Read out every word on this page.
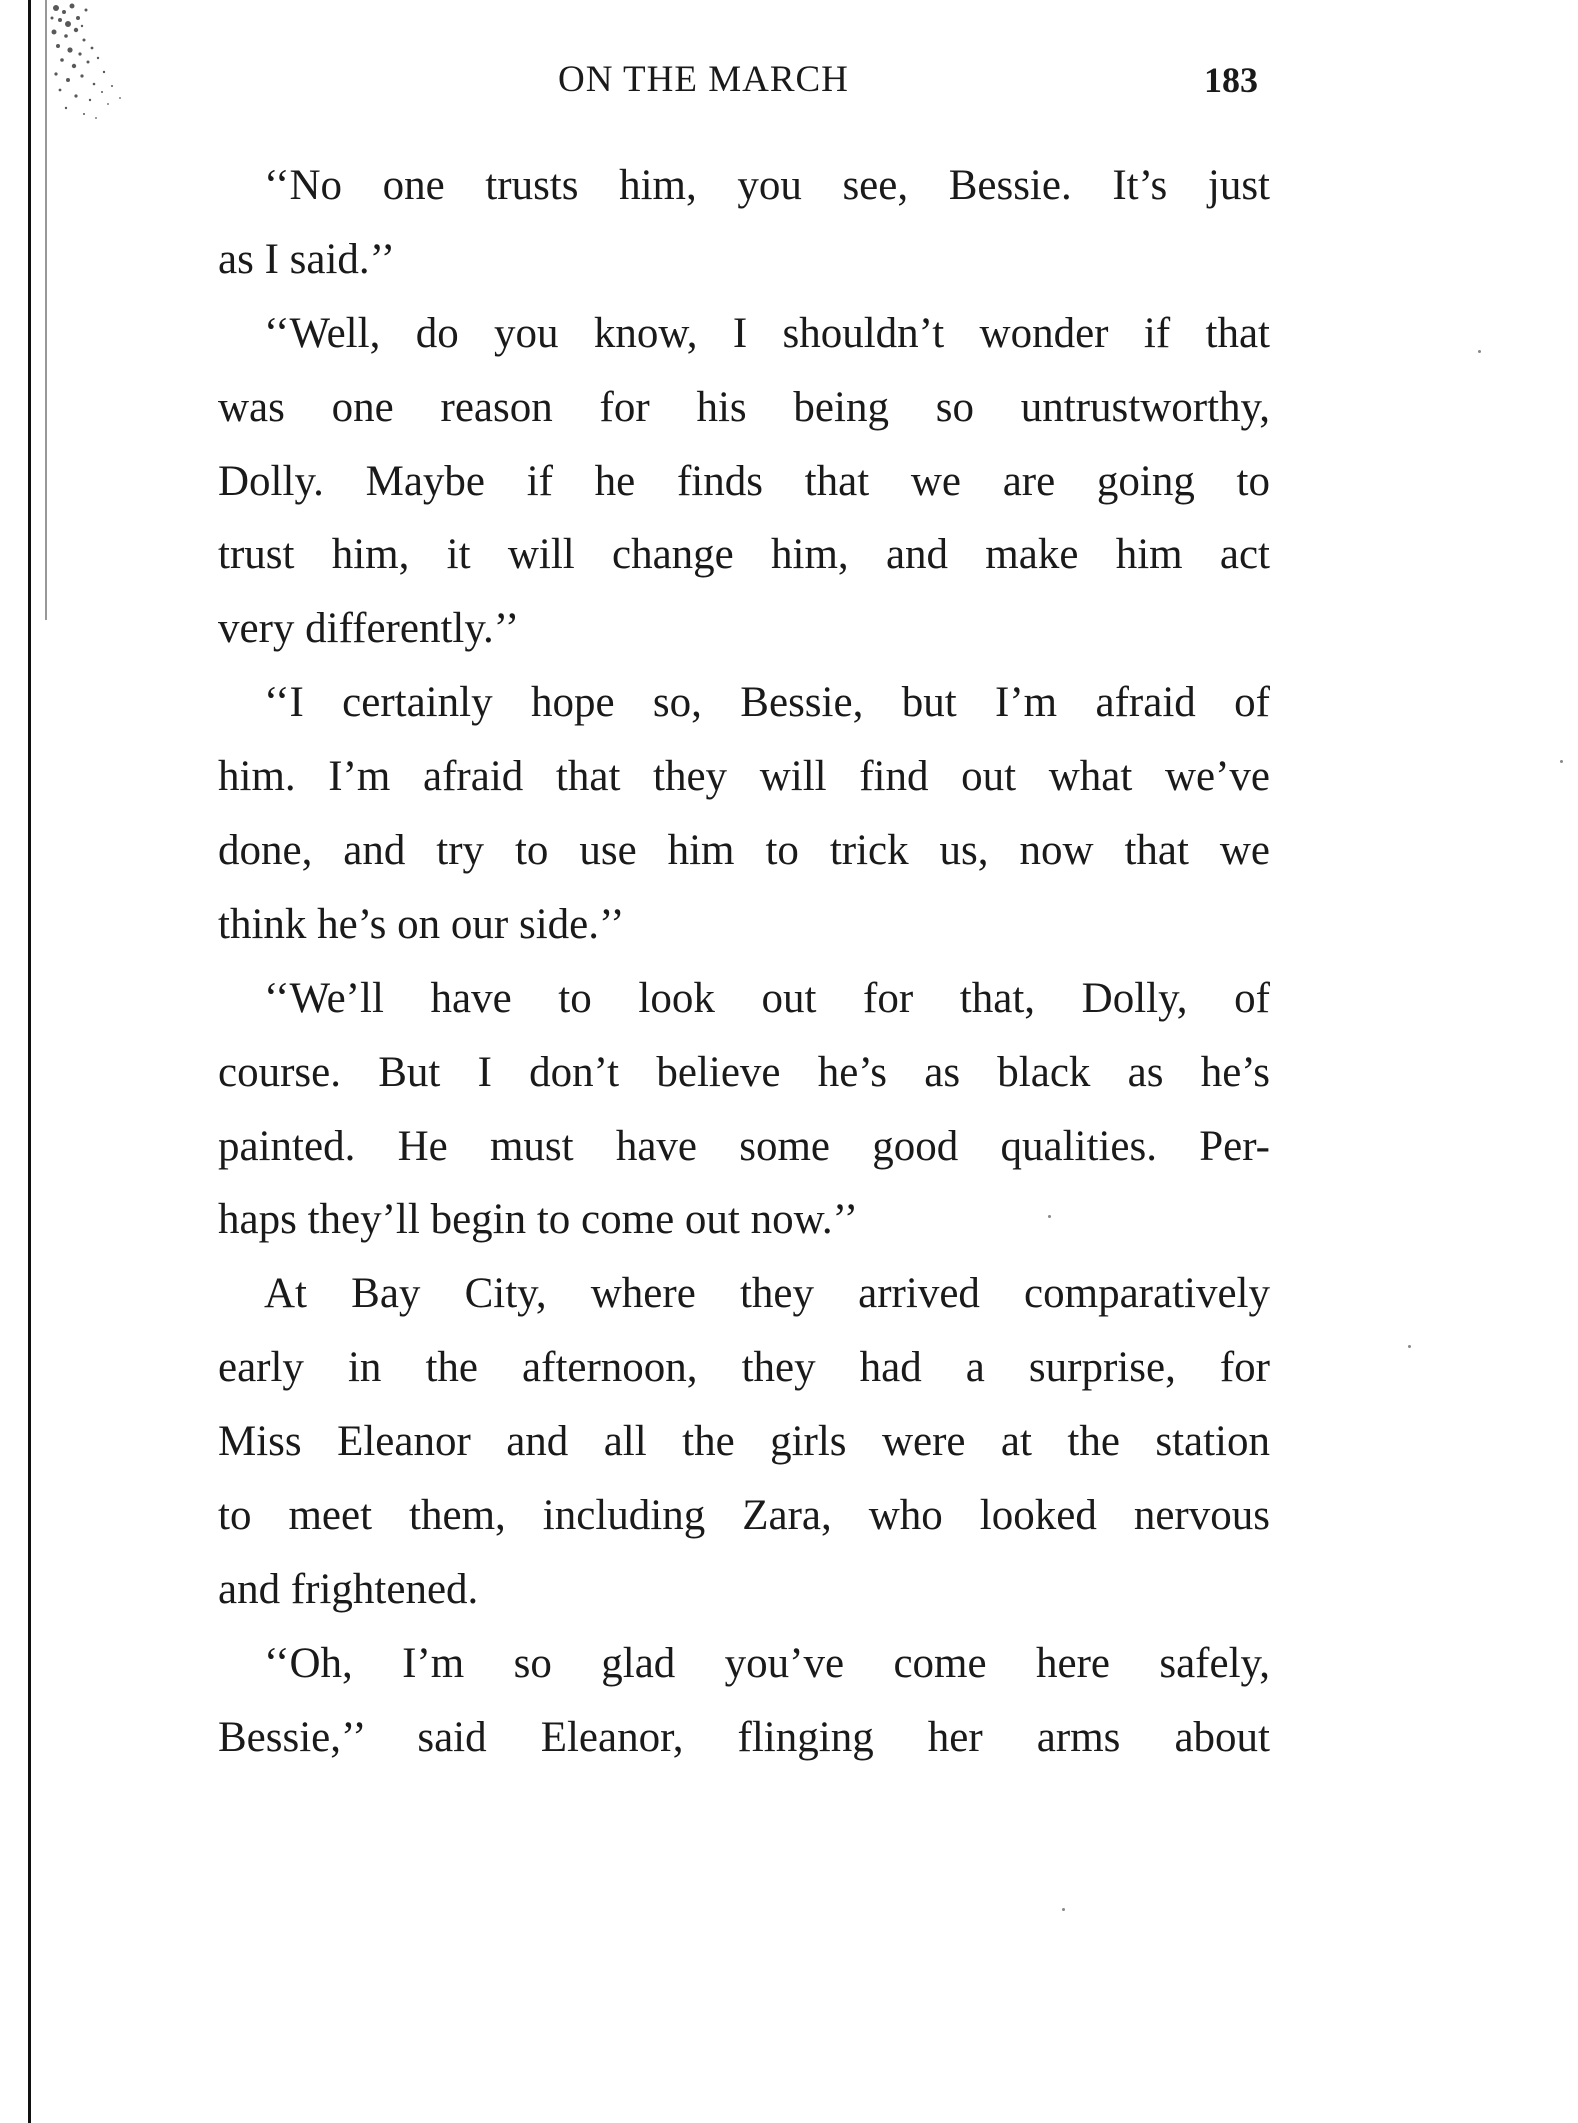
ON THE MARCH	183
‘‘No one trusts him, you see, Bessie. It’s just
as I said.’’
‘‘Well, do you know, I shouldn’t wonder if that
was one reason for his being so untrustworthy,
Dolly. Maybe if he finds that we are going to
trust him, it will change him, and make him act
very differently.’’
‘‘I certainly hope so, Bessie, but I’m afraid of
him. I’m afraid that they will find out what we’ve
done, and try to use him to trick us, now that we
think he’s on our side.’’
‘‘We’ll have to look out for that, Dolly, of
course. But I don’t believe he’s as black as he’s
painted. He must have some good qualities. Per-
haps they’ll begin to come out now.’’
At Bay City, where they arrived comparatively
early in the afternoon, they had a surprise, for
Miss Eleanor and all the girls were at the station
to meet them, including Zara, who looked nervous
and frightened.
‘‘Oh, I’m so glad you’ve come here safely,
Bessie,’’ said Eleanor, flinging her arms about
